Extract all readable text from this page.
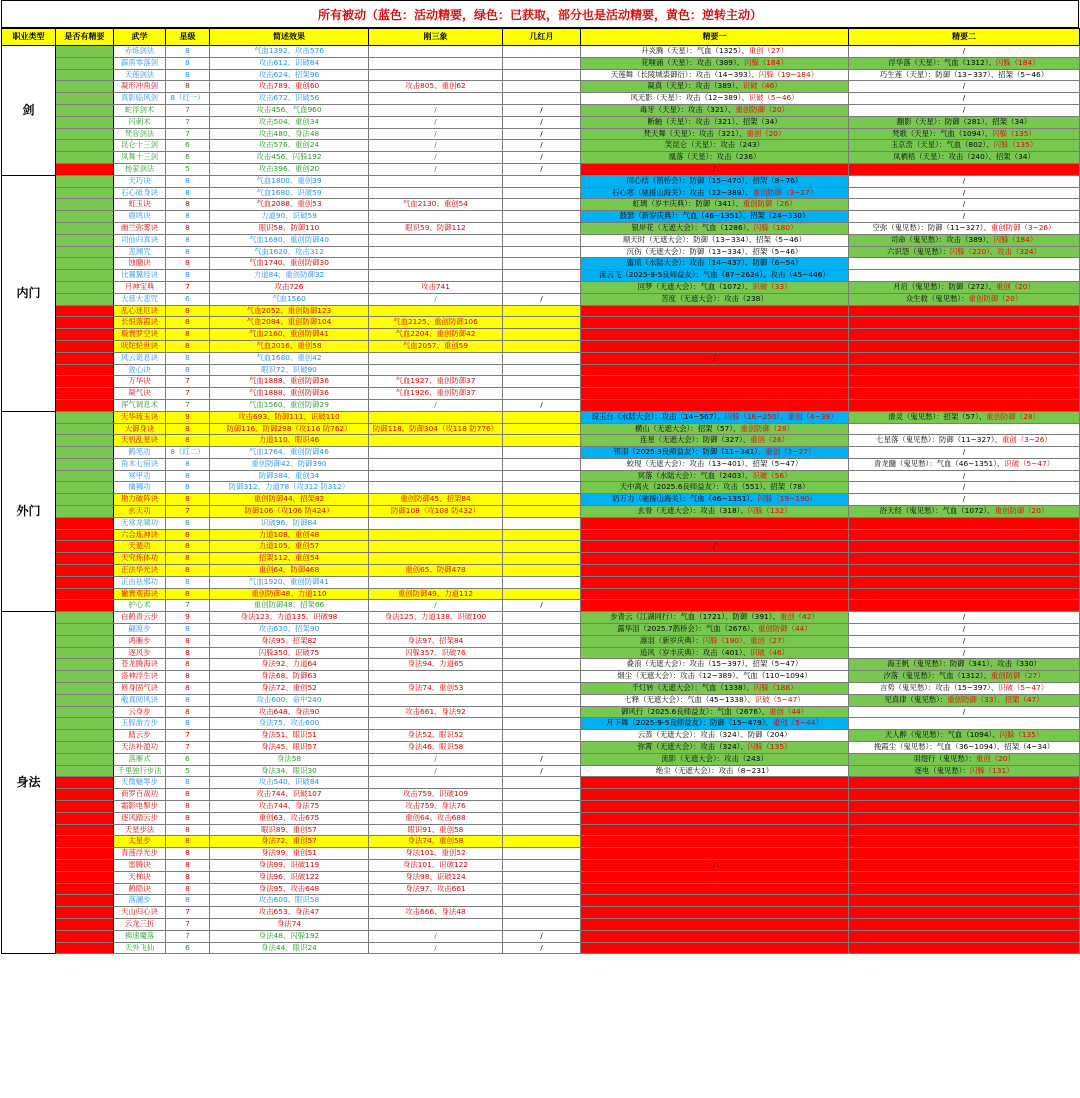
所有被动（蓝色：活动精要，绿色：已获取，部分也是活动精要，黄色：逆转主动）
职业类型	是否有精要	武学	星级	简述效果	刚三象	几红月	精要一	精要二
剑		赤炼剑法	8	气血1392、攻击576			升炎腾（天星）：气血（1325）、重创（27）	/
		霹雳零落剑	8	攻击612、识破84			花嗤涌（天星）：攻击（389）、闪躲（184）	浮华落（天星）：气血（1312）、闪躲（184）
		天莲剑法	8	攻击624、招架96			天莲舞（长陵城裘御衍）：攻击（14~393）、闪躲（19~184）	巧生莲（天星）：防御（13~337）、招架（5~46）
		凝形冲角剑	8	攻击789、重创60	攻击805、重创62		凝真（天星）：攻击（389）、识破（46）	/
		真影临风剑	8（红一）	攻击672、识破56			风无影（天星）：攻击（12~389）、识破（5~46）	/
		蛇浮剑术	7	攻击456、气血960	/	/	毒牙（天星）：攻击（321）、重创防御（20）	/
		闪刺术	7	攻击504、重创34	/	/	断触（天星）：攻击（321）、招架（34）	翻影（天星）：防御（281）、招架（34）
		梵音剑法	7	攻击480、身法48	/	/	梵天舞（天星）：攻击（321）、重创（20）	梵歌（天星）：气血（1094）、闪躲（135）
		昆仑十三剑	6	攻击576、重创24	/	/	笑昆仑（天星）：攻击（243）	玉京峦（天星）：气血（802）、闪躲（135）
		凤舞十三剑	6	攻击456、闪躲192	/	/	凰落（天星）：攻击（236）	凤栖梧（天星）：攻击（240）、招架（34）
		杨家剑法	5	攻击396、重创20	/	/	/	
内门		天巧诀	8	气血1800、重创39			同心结（鹊桥会）：防御（15~470）、招架（8~76）	/
		石心砥身诀	8	气血1680、识破59			石心寒（驰援山海关）：攻击（12~389）、重创防御（3~27）	/
		虹玉诀	8	气血2088、重创53	气血2130、重创54		虹璃（岁丰庆典）：防御（341）、重创防御（26）	/
		鹿鸣诀	8	力道90、识破59			鼓瑟（新岁庆典）：气血（46~1351）、招架（24~330）	/
		幽兰弥雾诀	8	眼识58、防御110	眼识59、防御112		银岸花（无遮大会）：气血（1286）、闪躲（180）	空弥（鬼见愁）：防御（11~327）、重创防御（3~26）
		司仙归真诀	8	气血1680、重创防御40			顺天时（无遮大会）：防御（13~334）、招架（5~46）	司命（鬼见愁）：攻击（389）、闪躲（184）
		悲渊咒	8	气血1620、攻击312			沉伤（无遮大会）：防御（13~334）、招架（5~46）	六识怨（鬼见愁）：闪躲（220）、攻击（324）
		蚀髓诀	8	气血1740、重创防御30			蜜琉（水陆大会）：攻击（14~437）、防御（6~54）	
		比翼翼经诀	8	力道84、重创防御32			流云飞（2025-9-5良师益友）：气血（87~2624）、攻击（45~446）	
		月神宝典	7	攻击726	攻击741		回梦（无遮大会）：气血（1072）、识破（33）	月启（鬼见愁）：防御（272）、重创（20）
		大慈大悲咒	6	气血1560	/	/	苦度（无遮大会）：攻击（238）	众生救（鬼见愁）：重创防御（20）
		乱心迷厄诀	8	气血2052、重创防御123				
		长恨落霞诀	8	气血2084、重创防御104	气血2125、重创防御106			
		璇寰罗空诀	8	气血2160、重创防御41	气血2204、重创防御42			
		吠陀轮世诀	8	气血2016、重创58	气血2057、重创59			
		风云诡息诀	8	气血1680、重创42			/	
		敛心诀	8	眼识72、识破90				
		万华诀	7	气血1888、重创防御36	气血1927、重创防御37			
		凝气诀	7	气血1888、重创防御36	气血1926、重创防御37			
		浑气调息术	7	气血1560、重创防御29	/	/		
外门		天华琉玉诀	9	攻击693、防御111、识破110			琼玉台（水陆大会）：攻击（14~567）、闪躲（16~250）、重创（4~39）	滑灵（鬼见愁）：招架（57）、重创防御（28）
		大御身诀	8	防御116、防御298（攻116 防762）	防御118、防御304（攻118 防776）		横山（无遮大会）：招架（57）、重创防御（28）	
		天机乱星诀	8	力道110、眼识46			连星（无遮大会）：防御（327）、重创（26）	七星落（鬼见愁）：防御（11~327）、重创（3~26）
		鹤笔功	8（红二）	气血1764、重创防御46			银羽（2025.3良师益友）：防御（11~341）、重创（3~27）	/
		角木七宿诀	8	重创防御42、防御390			蛟现（无遮大会）：攻击（13~401）、招架（5~47）	青龙髓（鬼见愁）：气血（46~1351）、识破（5~47）
		冥甲功	8	防御384、重创34			冥落（水陆大会）：气血（2403）、识破（56）	/
		擒狮功	8	防御312、力道78（攻312 防312）			天中离火（2025.6良师益友）：攻击（551）、招架（78）	/
		勘力破阵诀	8	重创防御44、招架82	重创防御45、招架84		奶万力（驰援山海关）：气血（46~1351）、闪躲（19~190）	/
		玄天功	7	防御106（攻106 防424）	防御108（攻108 防432）		玄骨（无遮大会）：攻击（318）、闪躲（132）	浴天经（鬼见愁）：气血（1072）、重创防御（20）
		无常龙啸功	8	识破96、防御84				
		六合炼神诀	8	力道108、重创48				
		天遁功	8	力道105、重创57			/	
		天究炼体功	8	招架112、重创54				
		正法华光诀	8	重创64、防御468	重创65、防御478			
		正由祛邪功	8	气血1920、重创防御41				
		撇寰观海诀	8	重创防御48、力道110	重创防御49、力道112			
		护心术	7	重创防御48、招架66	/	/		
身法		白鹤青云步	9	身法123、力道135、识破98	身法125、力道138、识破100		步青云（江湖同行）：气血（1721）、防御（391）、重创（42）	/
		翩渡步	8	攻击630、招架90			露华泪（2025.7鹊桥会）：气血（2676）、重创防御（44）	/
		鸿雁步	8	身法95、招架82	身法97、招架84		凛羽（新岁庆典）：闪躲（190）、重创（27）	/
		逐风步	8	闪躲350、识破75	闪躲357、识破76		追风（岁丰庆典）：攻击（401）、识破（46）	/
		苍龙腾海诀	8	身法92、力道64	身法94、力道65		叠浪（无遮大会）：攻击（15~397）、招架（5~47）	海王帆（鬼见愁）：防御（341）、攻击（330）
		洛神浮生诀	8	身法68、防御63			烟尘（无遮大会）：攻击（12~389）、气血（110~1094）	汐落（鬼见愁）：气血（1312）、重创防御（27）
		修身固气诀	8	身法72、重创52	身法74、重创53		千灯转（无遮大会）：气血（1338）、闪躲（188）	言势（鬼见愁）：攻击（15~397）、识破（5~47）
		敝真阅风诀	8	攻击600、命中240			七释（无遮大会）：气血（45~1338）、识破（5~47）	见真律（鬼见愁）：重创防御（33）、招架（47）
		云身步	8	攻击648、身法90	攻击661、身法92		御风行（2025.6良师益友）：气血（2676）、重创（44）	/
		玉豚游方步	8	身法75、攻击600			月下舞（2025-9-5良师益友）：防御（15~479）、重创（5~44）	
		踏云步	7	身法51、眼识51	身法52、眼识52		云蒸（无遮大会）：攻击（324）、防御（204）	天人醉（鬼见愁）：气血（1094）、闪躲（135）
		天法补盈功	7	身法45、眼识57	身法46、眼识58		弥霄（无遮大会）：攻击（324）、闪躲（135）	挽霞尘（鬼见愁）：气血（36~1094）、招架（4~34）
		落雁式	6	身法58	/	/	流影（无遮大会）：攻击（243）	羽翅行（鬼见愁）：重创（20）
		千里独行步法	5	身法34、眼识30	/	/	绝尘（无遮大会）：攻击（8~231）	逐电（鬼见愁）：闪躲（131）
		天微魅零步	8	攻击540、识破84				
		商罗百战功	8	攻击744、识破107	攻击759、识破109			
		霜影电掣步	8	攻击744、身法75	攻击759、身法76			
		逐风踏云步	8	重创63、攻击675	重创64、攻击688			
		天星步法	8	眼识89、重创57	眼识91、重创58			
		太星步	8	身法72、重创57	身法74、重创58			
		青莲浮光步	8	身法99、重创51	身法101、重创52			
		雷腾诀	8	身法99、识破119	身法101、识破122		/	
		天梯诀	8	身法96、识破122	身法98、识破124			
		鹤隐诀	8	身法95、攻击648	身法97、攻击661			
		落澜步	8	攻击600、眼识58				
		天山归心诀	7	攻击653、身法47	攻击666、身法48			
		云龙三折	7	身法74				
		拂速魔落	7	身法48、闪躲192	/	/		
		天外飞仙	6	身法44、眼识24	/	/		
